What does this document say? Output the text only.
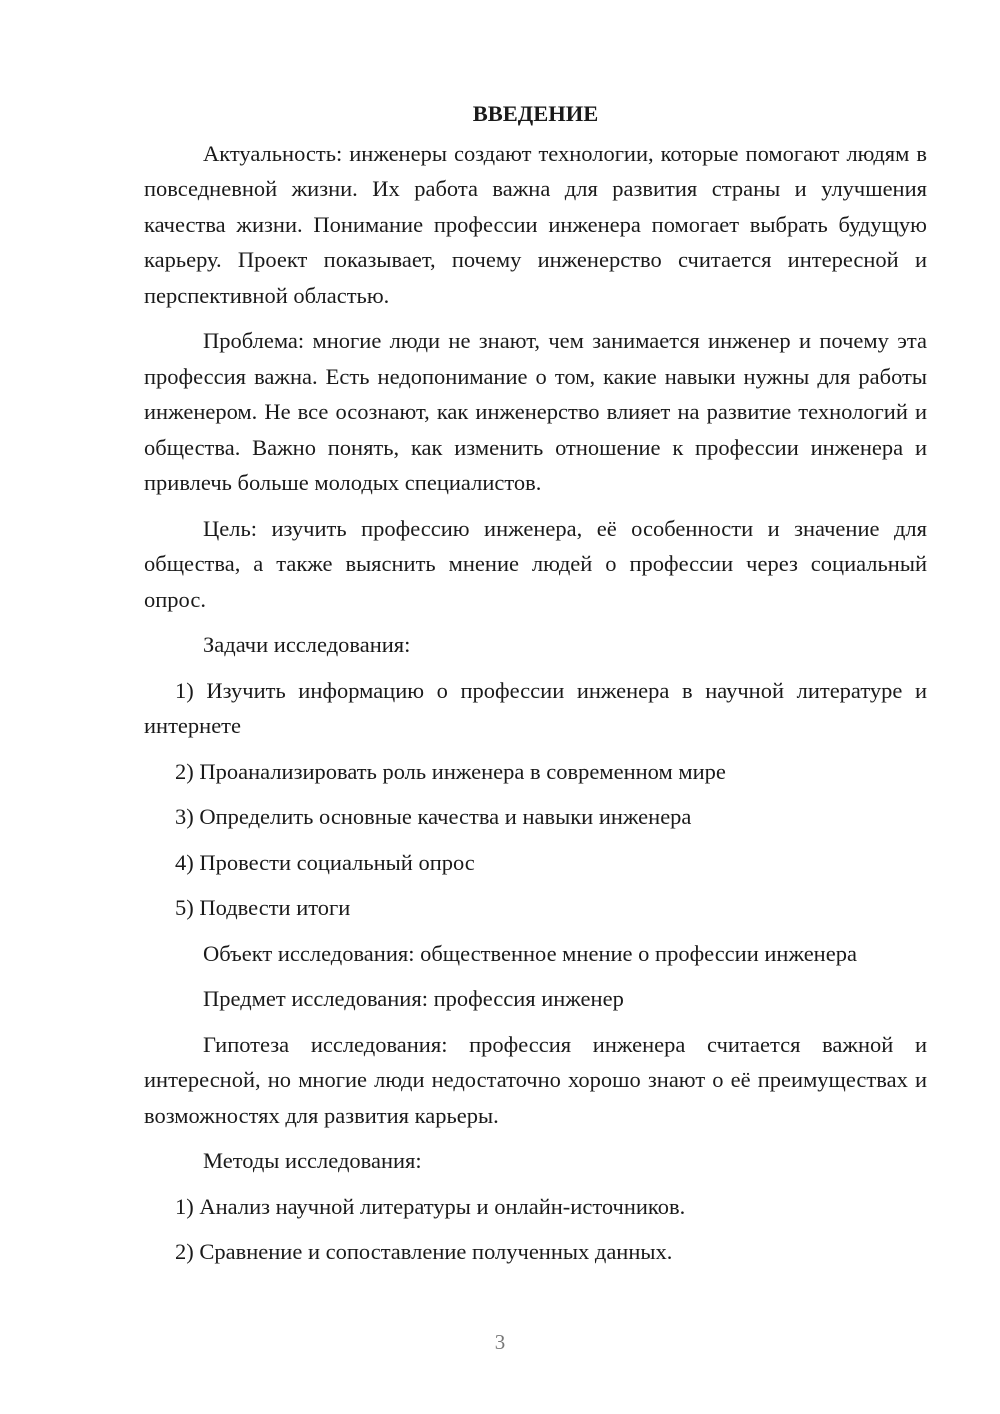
ВВЕДЕНИЕ

Актуальность: инженеры создают технологии, которые помогают людям в повседневной жизни. Их работа важна для развития страны и улучшения качества жизни. Понимание профессии инженера помогает выбрать будущую карьеру. Проект показывает, почему инженерство считается интересной и перспективной областью.

Проблема: многие люди не знают, чем занимается инженер и почему эта профессия важна. Есть недопонимание о том, какие навыки нужны для работы инженером. Не все осознают, как инженерство влияет на развитие технологий и общества. Важно понять, как изменить отношение к профессии инженера и привлечь больше молодых специалистов.

Цель: изучить профессию инженера, её особенности и значение для общества, а также выяснить мнение людей о профессии через социальный опрос.

Задачи исследования:

1) Изучить информацию о профессии инженера в научной литературе и интернете

2) Проанализировать роль инженера в современном мире

3) Определить основные качества и навыки инженера

4) Провести социальный опрос

5) Подвести итоги

Объект исследования: общественное мнение о профессии инженера

Предмет исследования: профессия инженер

Гипотеза исследования: профессия инженера считается важной и интересной, но многие люди недостаточно хорошо знают о её преимуществах и возможностях для развития карьеры.

Методы исследования:

1) Анализ научной литературы и онлайн-источников.

2) Сравнение и сопоставление полученных данных.

3
